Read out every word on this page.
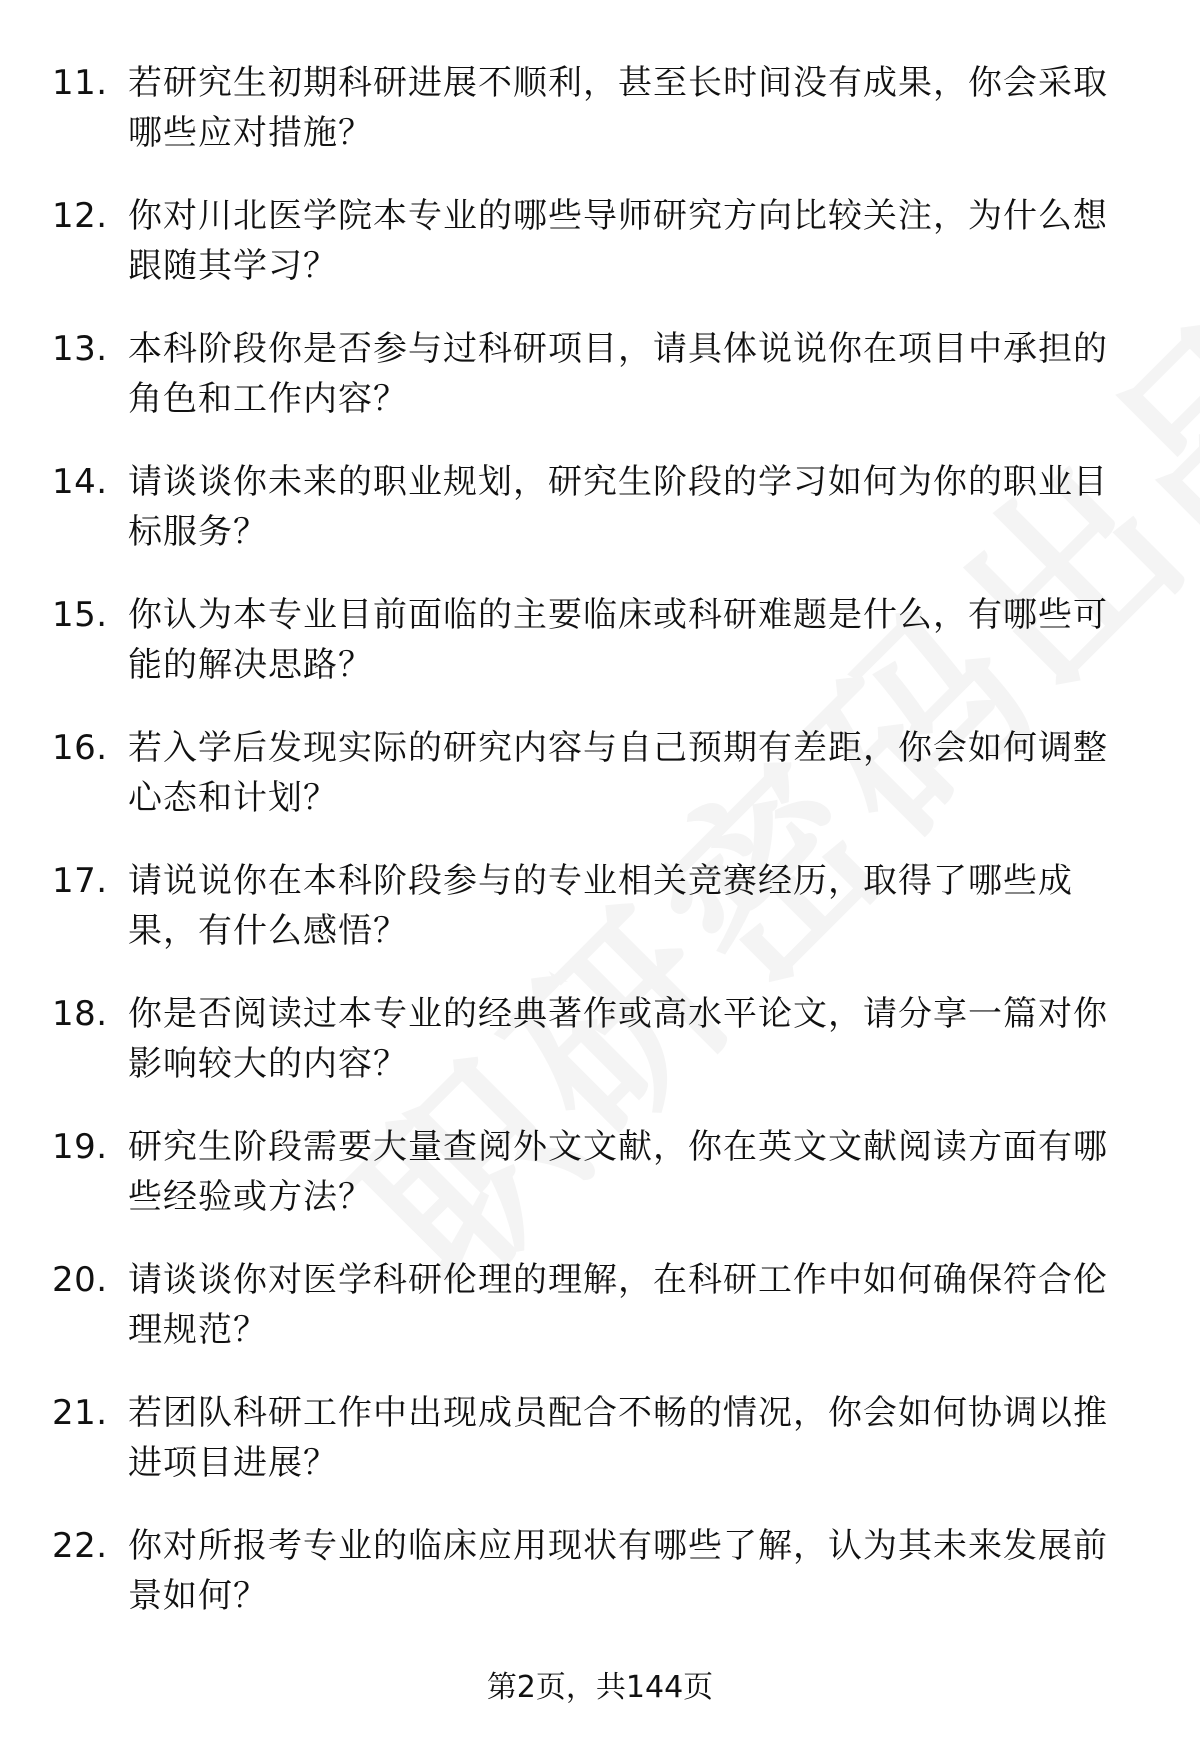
11. 若研究生初期科研进展不顺利，甚至长时间没有成果，你会采取哪些应对措施？
12. 你对川北医学院本专业的哪些导师研究方向比较关注，为什么想跟随其学习？
13. 本科阶段你是否参与过科研项目，请具体说说你在项目中承担的角色和工作内容？
14. 请谈谈你未来的职业规划，研究生阶段的学习如何为你的职业目标服务？
15. 你认为本专业目前面临的主要临床或科研难题是什么，有哪些可能的解决思路？
16. 若入学后发现实际的研究内容与自己预期有差距，你会如何调整心态和计划？
17. 请说说你在本科阶段参与的专业相关竞赛经历，取得了哪些成果，有什么感悟？
18. 你是否阅读过本专业的经典著作或高水平论文，请分享一篇对你影响较大的内容？
19. 研究生阶段需要大量查阅外文文献，你在英文文献阅读方面有哪些经验或方法？
20. 请谈谈你对医学科研伦理的理解，在科研工作中如何确保符合伦理规范？
21. 若团队科研工作中出现成员配合不畅的情况，你会如何协调以推进项目进展？
22. 你对所报考专业的临床应用现状有哪些了解，认为其未来发展前景如何？
第2页，共144页
